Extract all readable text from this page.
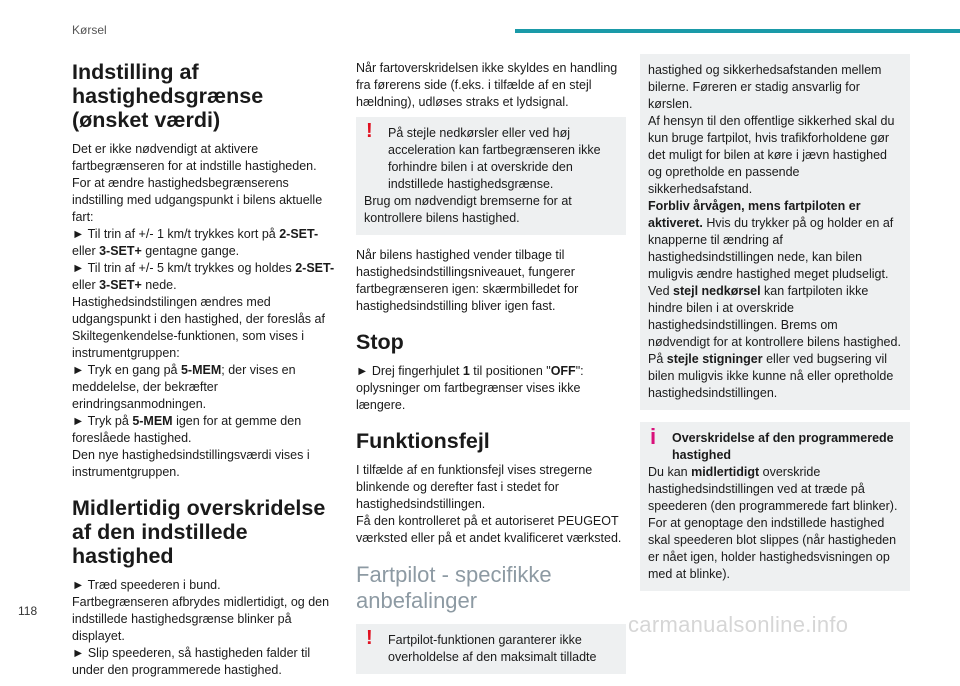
Kørsel
Indstilling af hastighedsgrænse (ønsket værdi)

Det er ikke nødvendigt at aktivere fartbegrænseren for at indstille hastigheden.

For at ændre hastighedsbegrænserens indstilling med udgangspunkt i bilens aktuelle fart:

► Til trin af +/- 1 km/t trykkes kort på 2-SET- eller 3-SET+ gentagne gange.

► Til trin af +/- 5 km/t trykkes og holdes 2-SET- eller 3-SET+ nede.

Hastighedsindstilingen ændres med udgangspunkt i den hastighed, der foreslås af Skiltegenkendelse-funktionen, som vises i instrumentgruppen:

► Tryk en gang på 5-MEM; der vises en meddelelse, der bekræfter erindringsanmodningen.

► Tryk på 5-MEM igen for at gemme den foreslåede hastighed.

Den nye hastighedsindstillingsværdi vises i instrumentgruppen.

Midlertidig overskridelse af den indstillede hastighed

► Træd speederen i bund.

Fartbegrænseren afbrydes midlertidigt, og den indstillede hastighedsgrænse blinker på displayet.

► Slip speederen, så hastigheden falder til under den programmerede hastighed.

Når fartoverskridelsen ikke skyldes en handling fra førerens side (f.eks. i tilfælde af en stejl hældning), udløses straks et lydsignal.

!	På stejle nedkørsler eller ved høj acceleration kan fartbegrænseren ikke forhindre bilen i at overskride den indstillede hastighedsgrænse.

Brug om nødvendigt bremserne for at kontrollere bilens hastighed.

Når bilens hastighed vender tilbage til hastighedsindstillingsniveauet, fungerer fartbegrænseren igen: skærmbilledet for hastighedsindstilling bliver igen fast.

Stop

► Drej fingerhjulet 1 til positionen "OFF": oplysninger om fartbegrænser vises ikke længere.

Funktionsfejl

I tilfælde af en funktionsfejl vises stregerne blinkende og derefter fast i stedet for hastighedsindstillingen.

Få den kontrolleret på et autoriseret PEUGEOT værksted eller på et andet kvalificeret værksted.

Fartpilot - specifikke anbefalinger
!	Fartpilot-funktionen garanterer ikke overholdelse af den maksimalt tilladte

hastighed og sikkerhedsafstanden mellem bilerne. Føreren er stadig ansvarlig for kørslen.

Af hensyn til den offentlige sikkerhed skal du kun bruge fartpilot, hvis trafikforholdene gør det muligt for bilen at køre i jævn hastighed og opretholde en passende sikkerhedsafstand.

Forbliv årvågen, mens fartpiloten er aktiveret. Hvis du trykker på og holder en af knapperne til ændring af hastighedsindstillingen nede, kan bilen muligvis ændre hastighed meget pludseligt.

Ved stejl nedkørsel kan fartpiloten ikke hindre bilen i at overskride hastighedsindstillingen. Brems om nødvendigt for at kontrollere bilens hastighed.

På stejle stigninger eller ved bugsering vil bilen muligvis ikke kunne nå eller opretholde hastighedsindstillingen.

i	Overskridelse af den programmerede hastighed

Du kan midlertidigt overskride hastighedsindstillingen ved at træde på speederen (den programmerede fart blinker). For at genoptage den indstillede hastighed skal speederen blot slippes (når hastigheden er nået igen, holder hastighedsvisningen op med at blinke).

118
carmanualsonline.info
